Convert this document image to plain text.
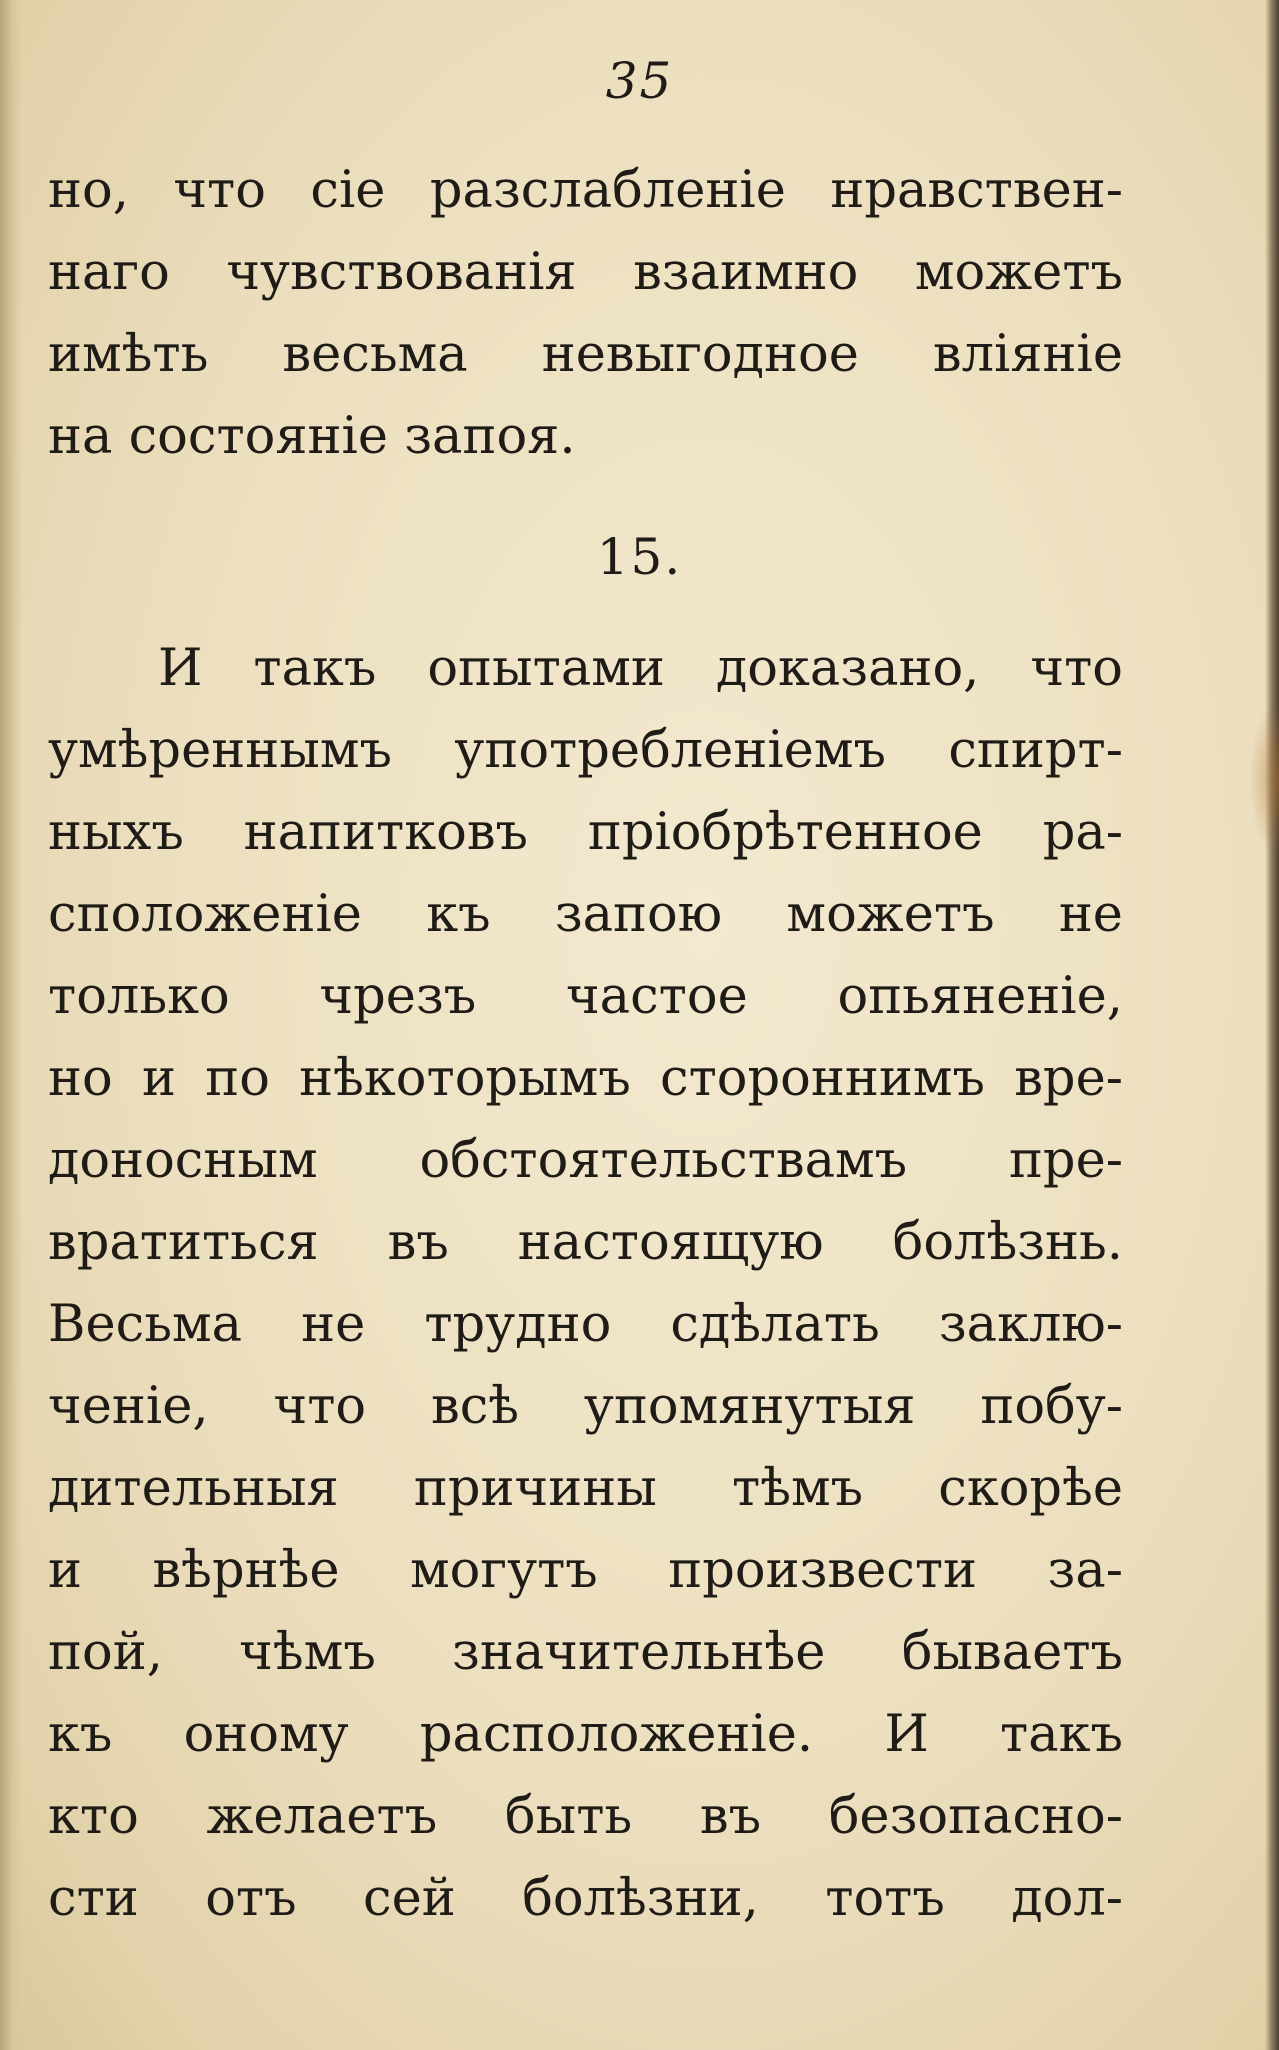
35
но, что сіе разслабленіе нравствен-
наго чувствованія взаимно можетъ
имѣть весьма невыгодное вліяніе
на состояніе запоя.
15.
И такъ опытами доказано, что
умѣреннымъ употребленіемъ спирт-
ныхъ напитковъ пріобрѣтенное ра-
сположеніе къ запою можетъ не
только чрезъ частое опьяненіе,
но и по нѣкоторымъ стороннимъ вре-
доносным обстоятельствамъ пре-
вратиться въ настоящую болѣзнь.
Весьма не трудно сдѣлать заклю-
ченіе, что всѣ упомянутыя побу-
дительныя причины тѣмъ скорѣе
и вѣрнѣе могутъ произвести за-
пой, чѣмъ значительнѣе бываетъ
къ оному расположеніе. И такъ
кто желаетъ быть въ безопасно-
сти отъ сей болѣзни, тотъ дол-
